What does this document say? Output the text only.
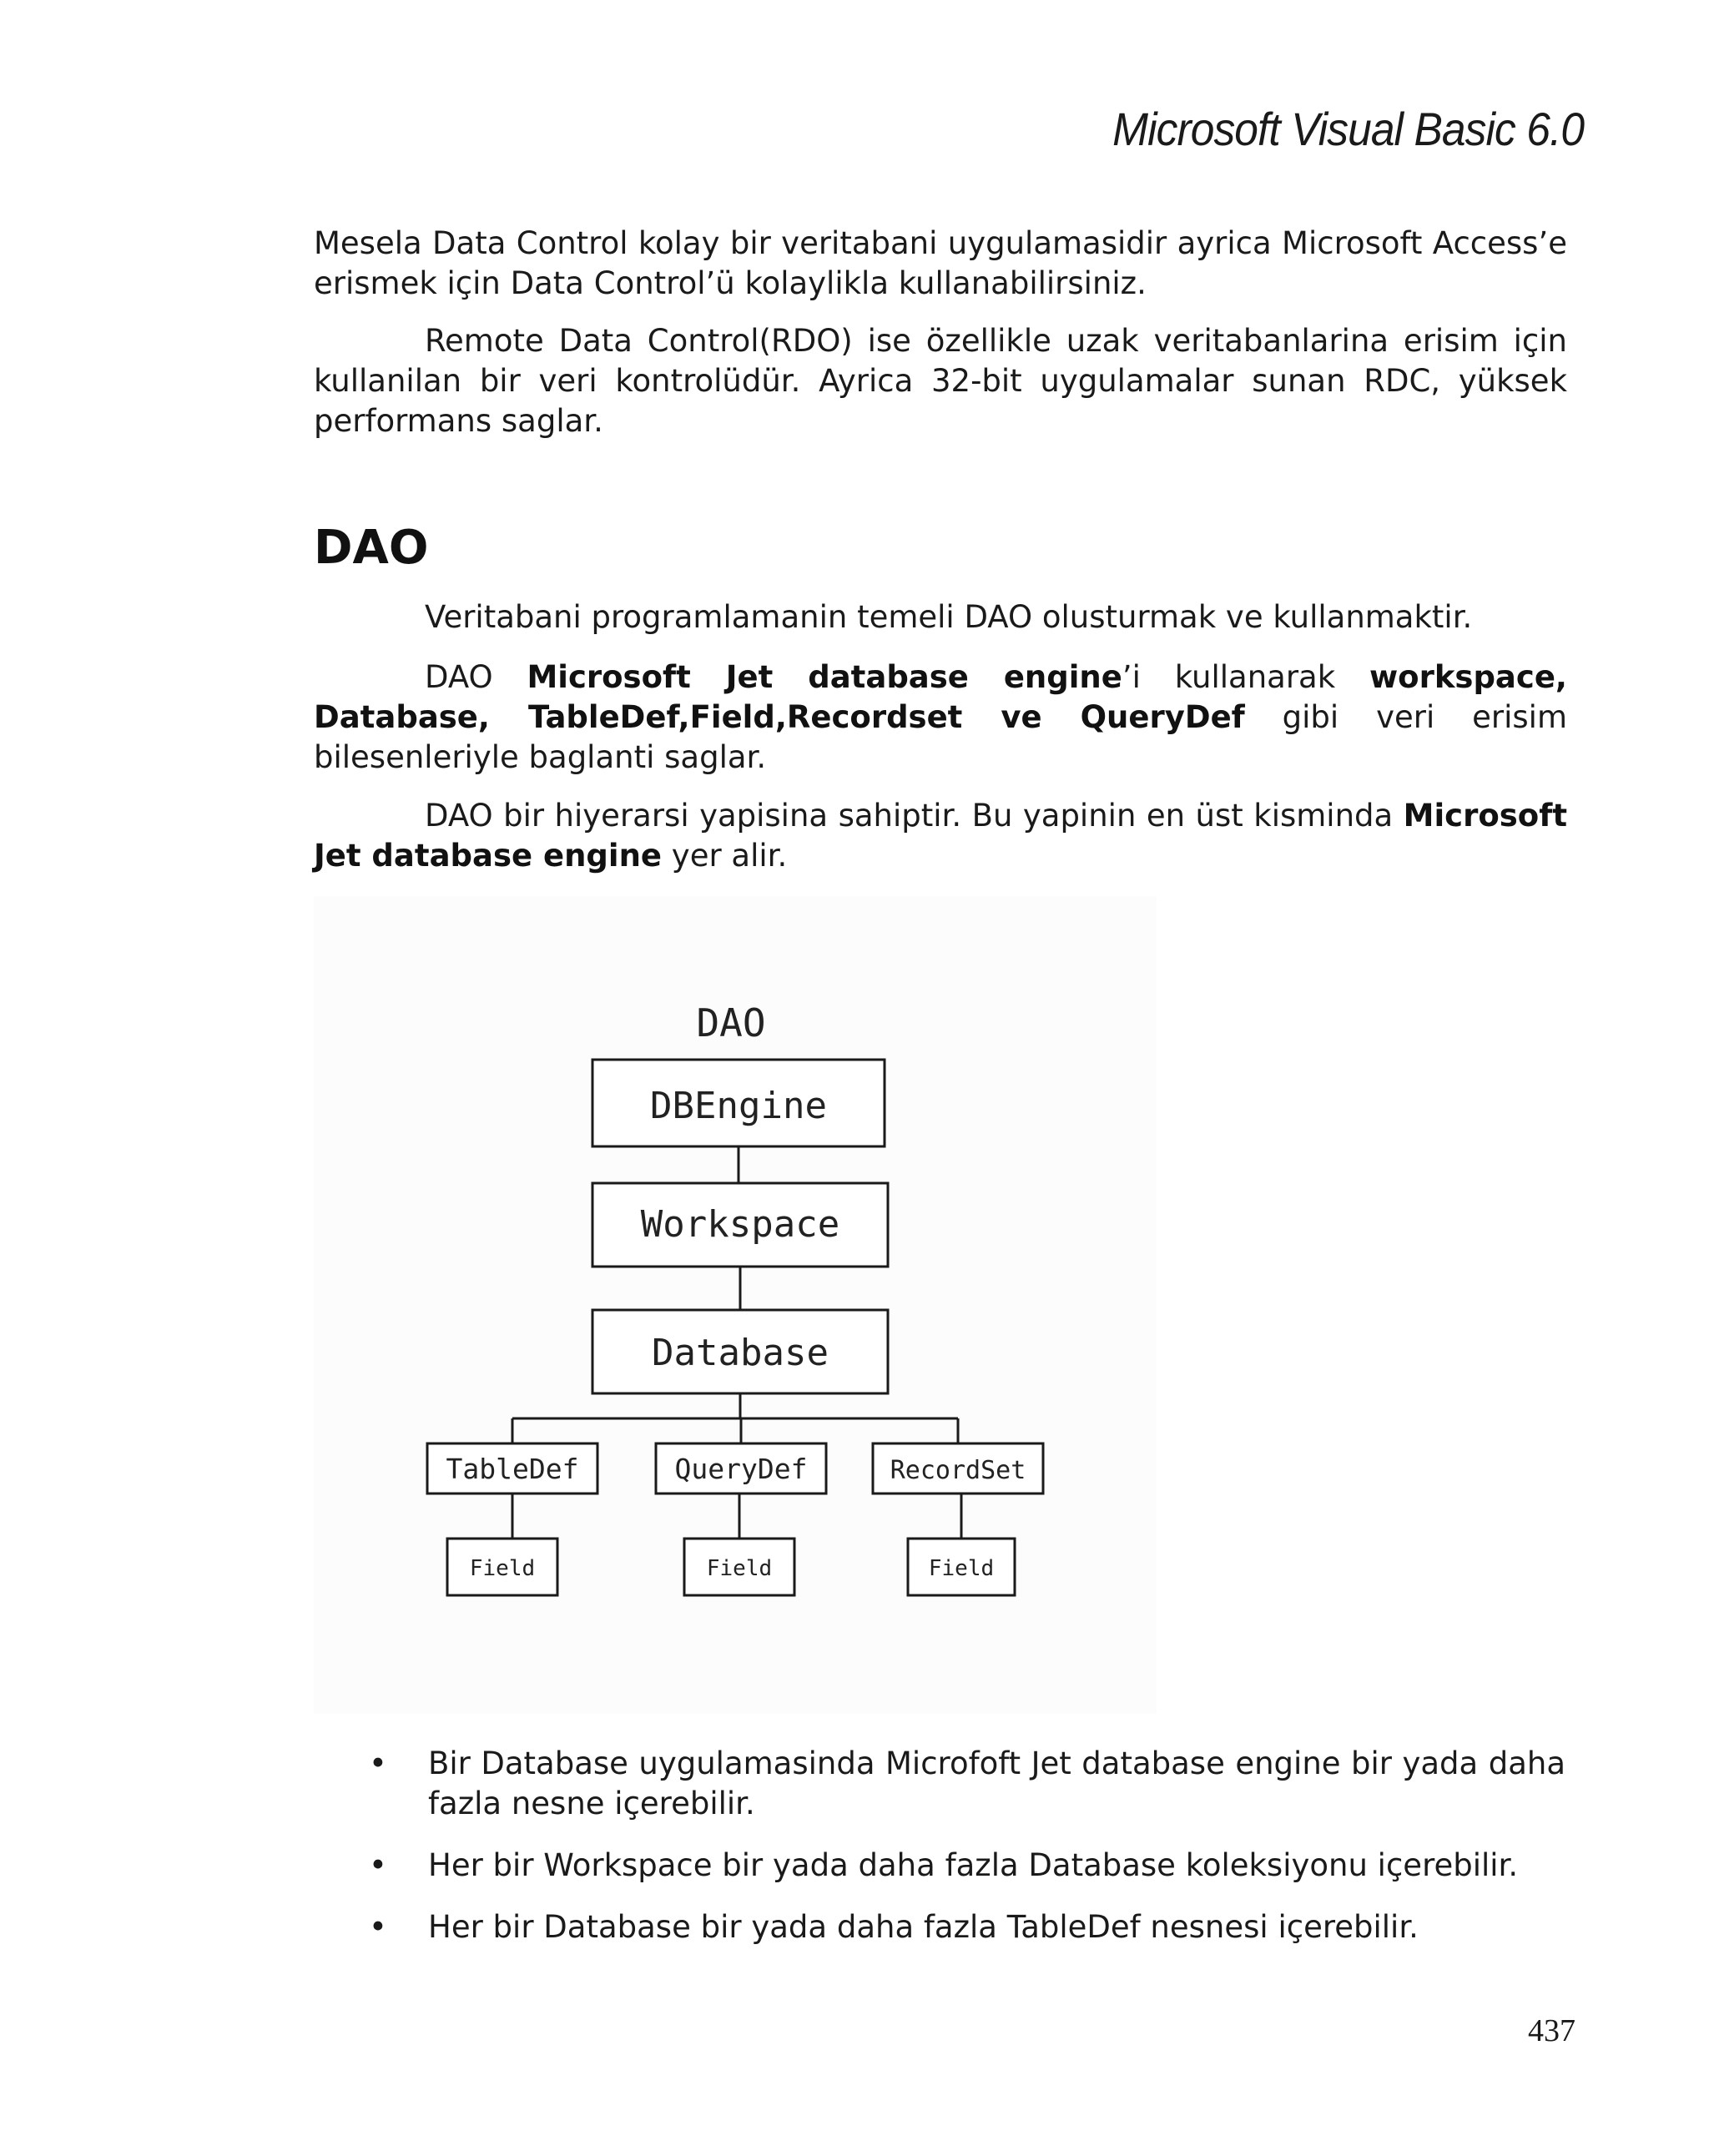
Microsoft Visual Basic 6.0

Mesela Data Control kolay bir veritabani uygulamasidir ayrica Microsoft Access’e erismek için Data Control’ü kolaylikla kullanabilirsiniz.

Remote Data Control(RDO) ise özellikle uzak veritabanlarina erisim için kullanilan bir veri kontrolüdür. Ayrica 32-bit uygulamalar sunan RDC, yüksek performans saglar.

DAO

Veritabani programlamanin temeli DAO olusturmak ve kullanmaktir.

DAO Microsoft Jet database engine’i kullanarak workspace, Database, TableDef,Field,Recordset ve QueryDef gibi veri erisim bilesenleriyle baglanti saglar.

DAO bir hiyerarsi yapisina sahiptir. Bu yapinin en üst kisminda Microsoft Jet database engine yer alir.

DAO
DBEngine
Workspace
Database
TableDef	QueryDef	RecordSet
Field	Field	Field
• Bir Database uygulamasinda Microfoft Jet database engine bir yada daha fazla nesne içerebilir.
• Her bir Workspace bir yada daha fazla Database koleksiyonu içerebilir.
• Her bir Database bir yada daha fazla TableDef nesnesi içerebilir.
437
